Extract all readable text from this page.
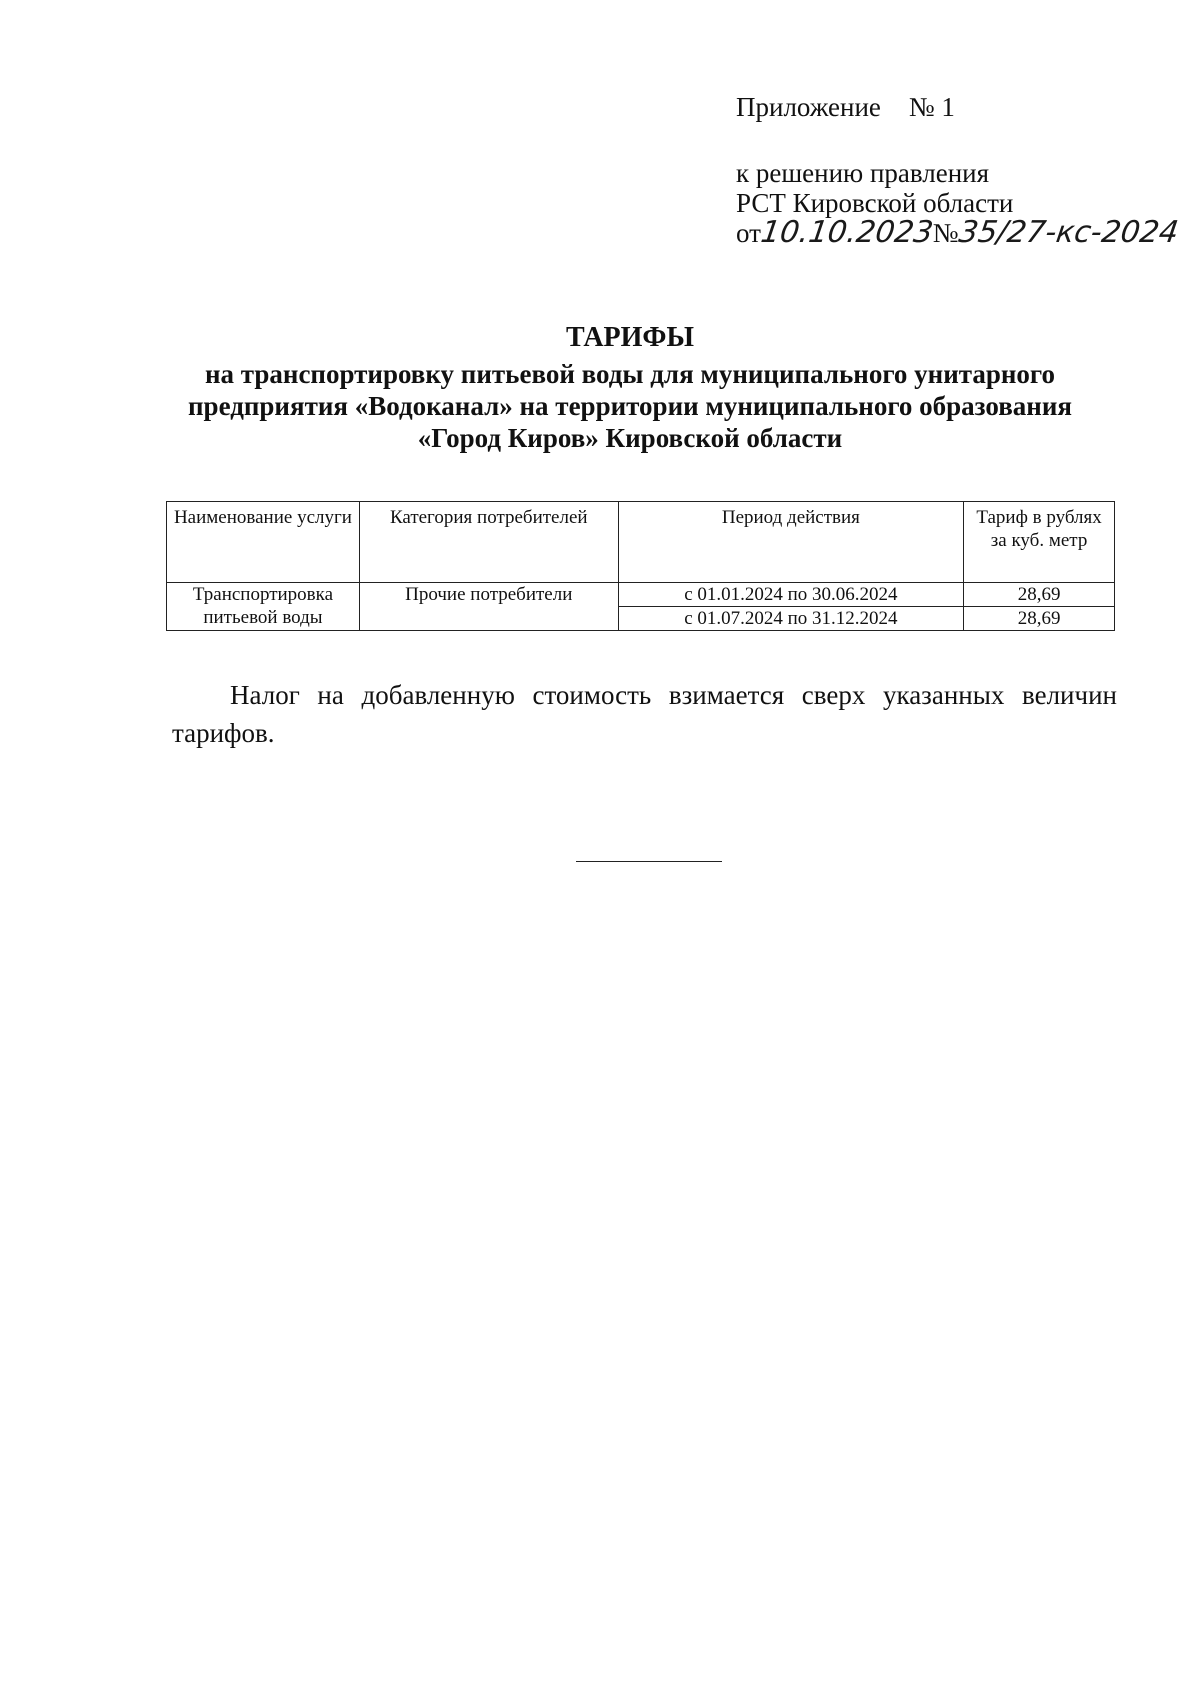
Приложение № 1
к решению правления
РСТ Кировской области
от10.10.2023№35/27-кс-2024
ТАРИФЫ
на транспортировку питьевой воды для муниципального унитарного
предприятия «Водоканал» на территории муниципального образования
«Город Киров» Кировской области
Наименование услуги	Категория потребителей	Период действия	Тариф в рублях за куб. метр
Транспортировка питьевой воды	Прочие потребители	с 01.01.2024 по 30.06.2024	28,69
		с 01.07.2024 по 31.12.2024	28,69
Налог на добавленную стоимость взимается сверх указанных величин тарифов.
